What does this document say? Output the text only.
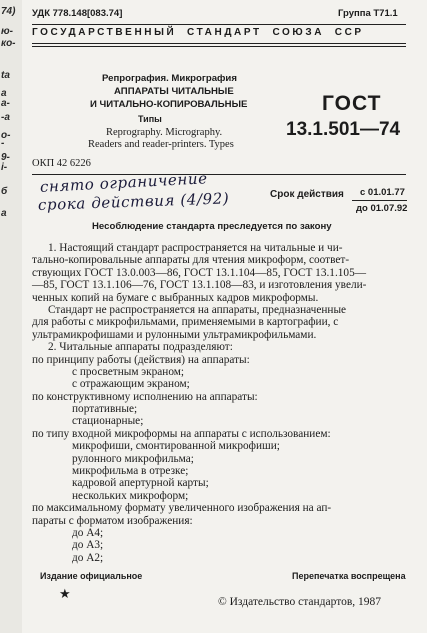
74)
ю-
ко-
ta
a
a-
-a
о-
-
9-
i-
б
а
УДК 778.148[083.74]	Группа Т71.1
ГОСУДАРСТВЕННЫЙ  СТАНДАРТ  СОЮЗА  ССР
Репрография. Микрография
АППАРАТЫ ЧИТАЛЬНЫЕ
И ЧИТАЛЬНО-КОПИРОВАЛЬНЫЕ
Типы
Reprography. Micrography.
Readers and reader-printers. Types
ГОСТ
13.1.501—74
ОКП 42 6226
снято ограничение
срока действия (4/92)	Срок действия с 01.01.77
до 01.07.92
Несоблюдение стандарта преследуется по закону
1. Настоящий стандарт распространяется на читальные и чи-
тально-копировальные аппараты для чтения микроформ, соответ-
ствующих ГОСТ 13.0.003—86, ГОСТ 13.1.104—85, ГОСТ 13.1.105—
—85, ГОСТ 13.1.106—76, ГОСТ 13.1.108—83, и изготовления увели-
ченных копий на бумаге с выбранных кадров микроформы.
Стандарт не распространяется на аппараты, предназначенные
для работы с микрофильмами, применяемыми в картографии, с
ультрамикрофишами и рулонными ультрамикрофильмами.
2. Читальные аппараты подразделяют:
по принципу работы (действия) на аппараты:
с просветным экраном;
с отражающим экраном;
по конструктивному исполнению на аппараты:
портативные;
стационарные;
по типу входной микроформы на аппараты с использованием:
микрофиши, смонтированной микрофиши;
рулонного микрофильма;
микрофильма в отрезке;
кадровой апертурной карты;
нескольких микроформ;
по максимальному формату увеличенного изображения на ап-
параты с форматом изображения:
до А4;
до А3;
до А2;
Издание официальное
★
Перепечатка воспрещена
© Издательство стандартов, 1987
